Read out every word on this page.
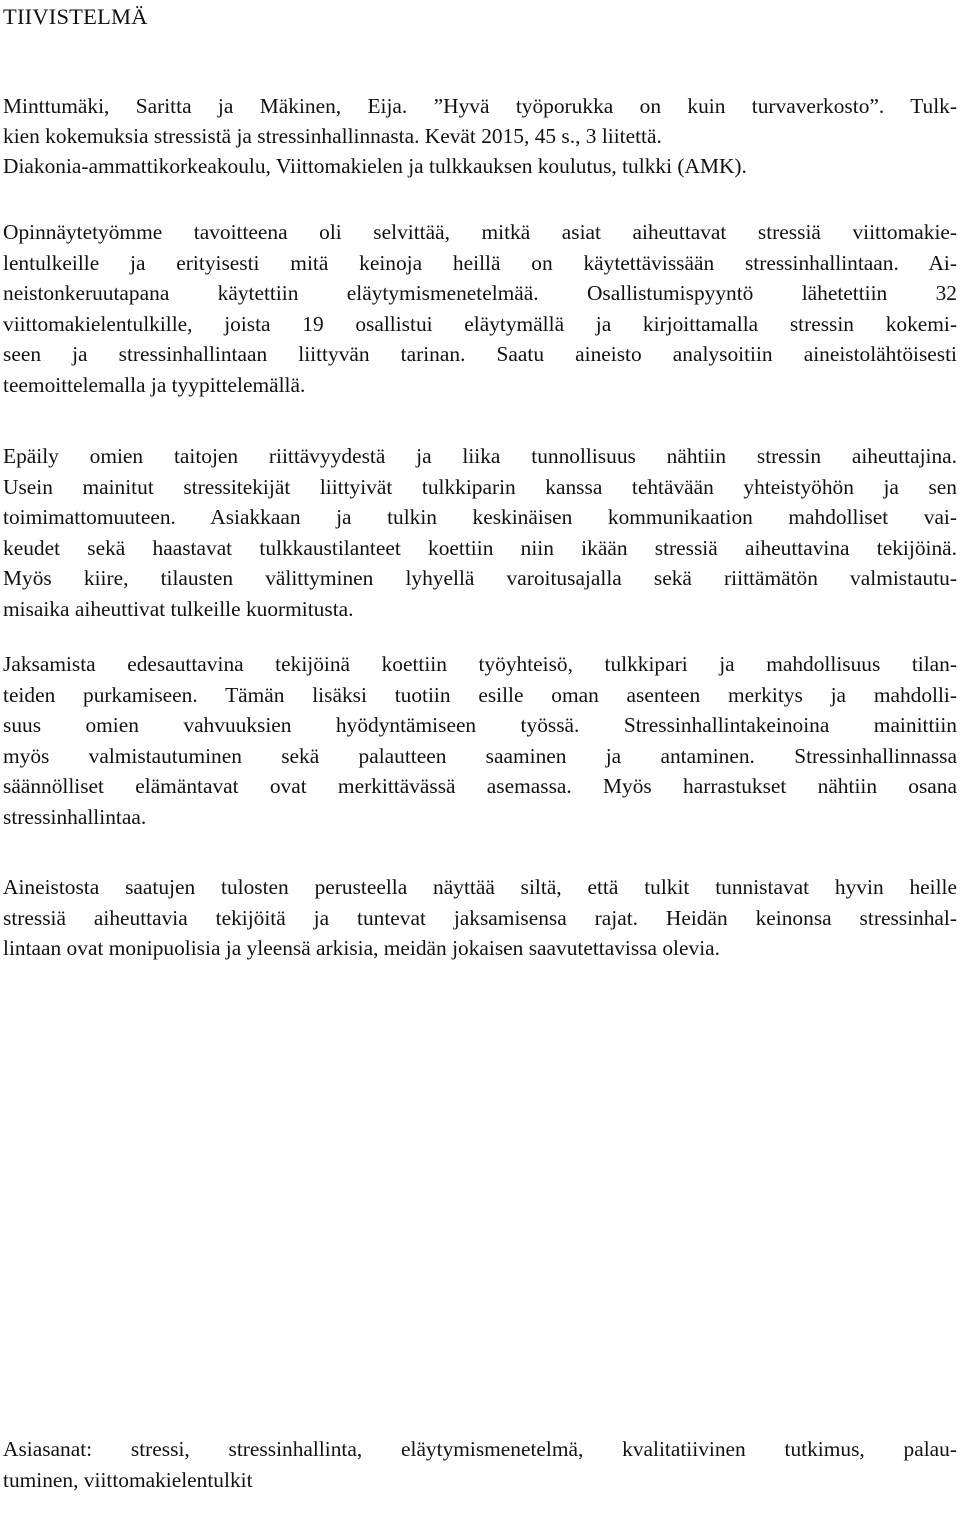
TIIVISTELMÄ
Minttumäki, Saritta ja Mäkinen, Eija. ”Hyvä työporukka on kuin turvaverkosto”. Tulk-
kien kokemuksia stressistä ja stressinhallinnasta. Kevät 2015, 45 s., 3 liitettä.
Diakonia-ammattikorkeakoulu, Viittomakielen ja tulkkauksen koulutus, tulkki (AMK).
Opinnäytetyömme tavoitteena oli selvittää, mitkä asiat aiheuttavat stressiä viittomakie-
lentulkeille ja erityisesti mitä keinoja heillä on käytettävissään stressinhallintaan. Ai-
neistonkeruutapana käytettiin eläytymismenetelmää. Osallistumispyyntö lähetettiin 32
viittomakielentulkille, joista 19 osallistui eläytymällä ja kirjoittamalla stressin kokemi-
seen ja stressinhallintaan liittyvän tarinan. Saatu aineisto analysoitiin aineistolähtöisesti
teemoittelemalla ja tyypittelemällä.
Epäily omien taitojen riittävyydestä ja liika tunnollisuus nähtiin stressin aiheuttajina.
Usein mainitut stressitekijät liittyivät tulkkiparin kanssa tehtävään yhteistyöhön ja sen
toimimattomuuteen. Asiakkaan ja tulkin keskinäisen kommunikaation mahdolliset vai-
keudet sekä haastavat tulkkaustilanteet koettiin niin ikään stressiä aiheuttavina tekijöinä.
Myös kiire, tilausten välittyminen lyhyellä varoitusajalla sekä riittämätön valmistautu-
misaika aiheuttivat tulkeille kuormitusta.
Jaksamista edesauttavina tekijöinä koettiin työyhteisö, tulkkipari ja mahdollisuus tilan-
teiden purkamiseen. Tämän lisäksi tuotiin esille oman asenteen merkitys ja mahdolli-
suus omien vahvuuksien hyödyntämiseen työssä. Stressinhallintakeinoina mainittiin
myös valmistautuminen sekä palautteen saaminen ja antaminen. Stressinhallinnassa
säännölliset elämäntavat ovat merkittävässä asemassa. Myös harrastukset nähtiin osana
stressinhallintaa.
Aineistosta saatujen tulosten perusteella näyttää siltä, että tulkit tunnistavat hyvin heille
stressiä aiheuttavia tekijöitä ja tuntevat jaksamisensa rajat. Heidän keinonsa stressinhal-
lintaan ovat monipuolisia ja yleensä arkisia, meidän jokaisen saavutettavissa olevia.
Asiasanat: stressi, stressinhallinta, eläytymismenetelmä, kvalitatiivinen tutkimus, palau-
tuminen, viittomakielentulkit
